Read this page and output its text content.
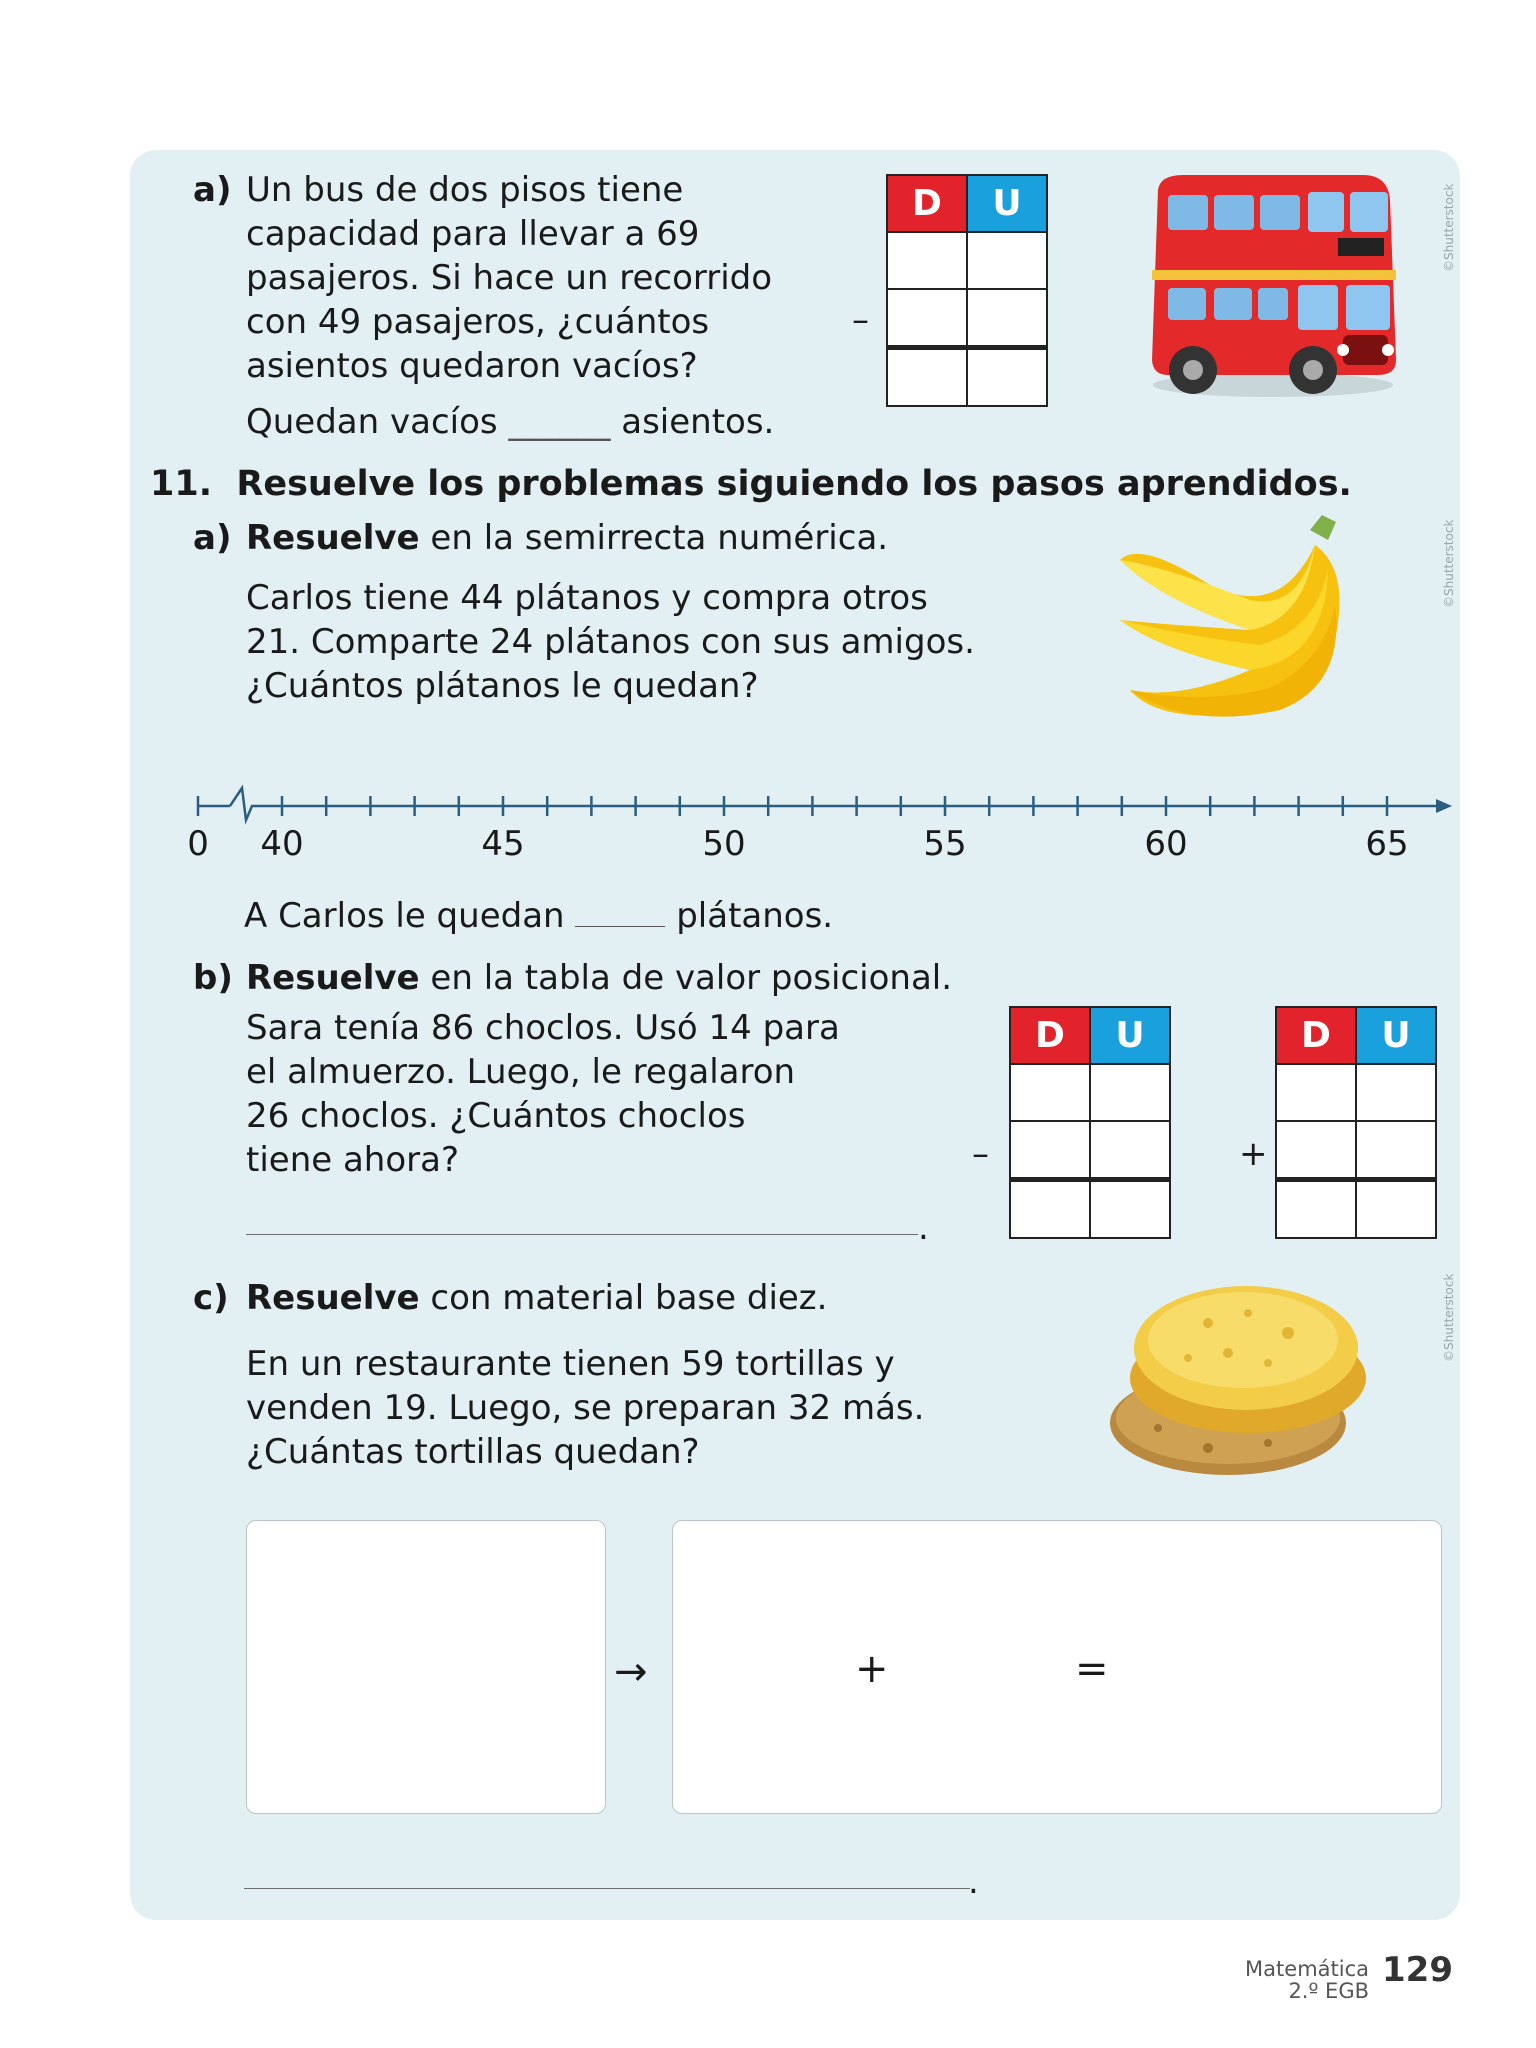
a) Un bus de dos pisos tiene
capacidad para llevar a 69
pasajeros. Si hace un recorrido
con 49 pasajeros, ¿cuántos
asientos quedaron vacíos?
Quedan vacíos ______ asientos.
–
D	U

		©Shutterstock
11. Resuelve los problemas siguiendo los pasos aprendidos.
a) Resuelve en la semirrecta numérica.
Carlos tiene 44 plátanos y compra otros
21. Comparte 24 plátanos con sus amigos.
¿Cuántos plátanos le quedan?
©Shutterstock
0 40	45	50	55	60	65
A Carlos le quedan	plátanos.
b) Resuelve en la tabla de valor posicional.
Sara tenía 86 choclos. Usó 14 para
el almuerzo. Luego, le regalaron
26 choclos. ¿Cuántos choclos
tiene ahora?
.
–
D	U

+
D	U

c) Resuelve con material base diez.
En un restaurante tienen 59 tortillas y
venden 19. Luego, se preparan 32 más.
¿Cuántas tortillas quedan?
©Shutterstock
→	+	=
.
Matemática
2.º EGB
129
